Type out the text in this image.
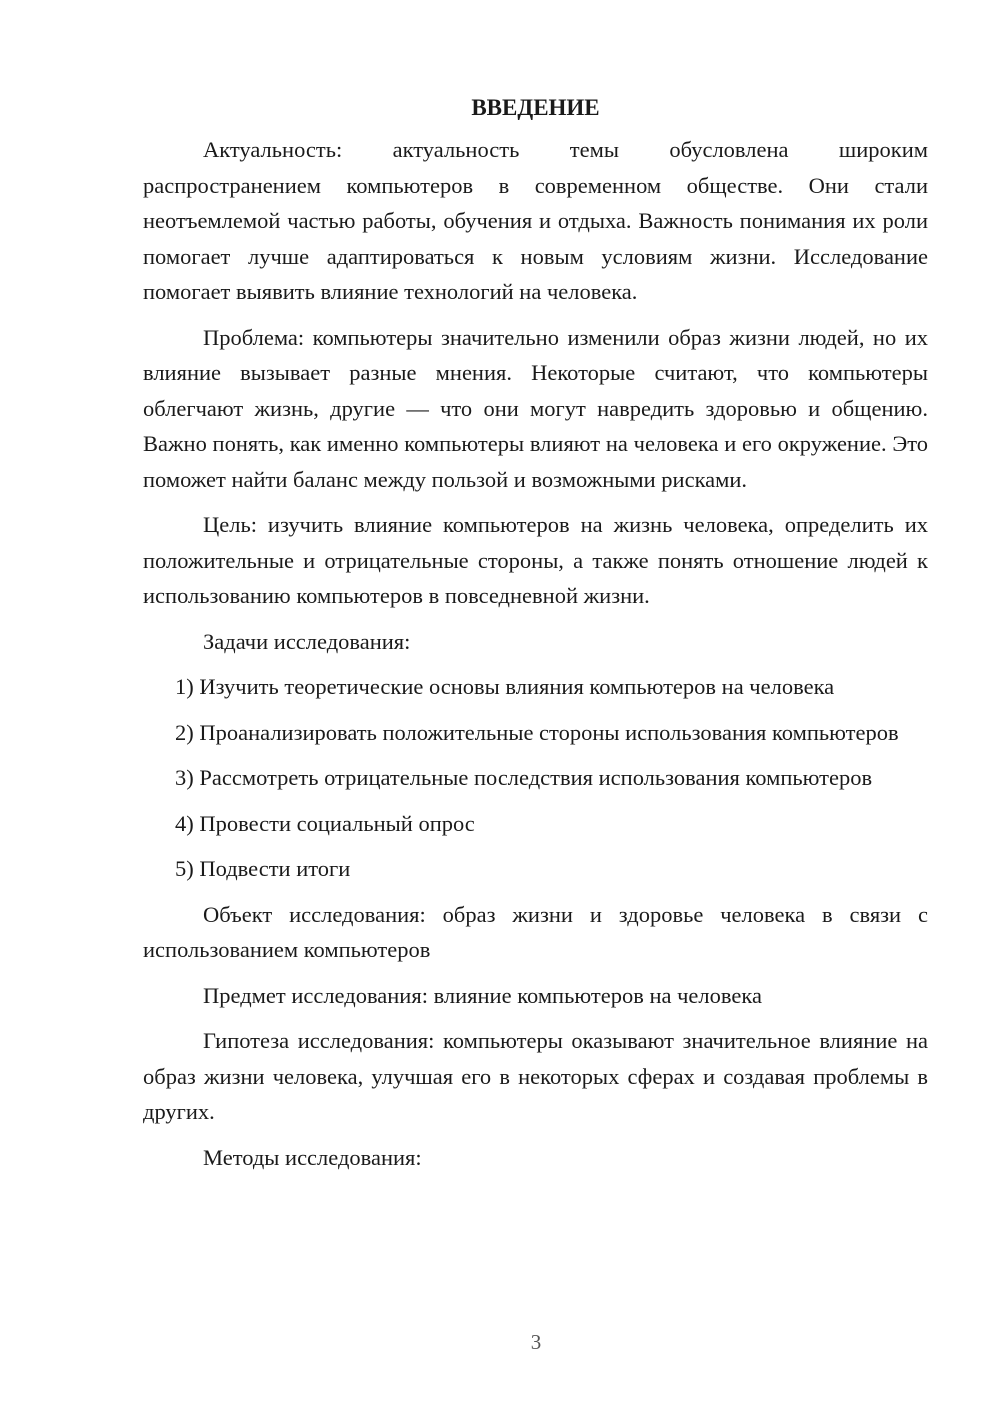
ВВЕДЕНИЕ

Актуальность: актуальность темы обусловлена широким распространением компьютеров в современном обществе. Они стали неотъемлемой частью работы, обучения и отдыха. Важность понимания их роли помогает лучше адаптироваться к новым условиям жизни. Исследование помогает выявить влияние технологий на человека.

Проблема: компьютеры значительно изменили образ жизни людей, но их влияние вызывает разные мнения. Некоторые считают, что компьютеры облегчают жизнь, другие — что они могут навредить здоровью и общению. Важно понять, как именно компьютеры влияют на человека и его окружение. Это поможет найти баланс между пользой и возможными рисками.

Цель: изучить влияние компьютеров на жизнь человека, определить их положительные и отрицательные стороны, а также понять отношение людей к использованию компьютеров в повседневной жизни.

Задачи исследования:

1) Изучить теоретические основы влияния компьютеров на человека

2) Проанализировать положительные стороны использования компьютеров

3) Рассмотреть отрицательные последствия использования компьютеров

4) Провести социальный опрос

5) Подвести итоги

Объект исследования: образ жизни и здоровье человека в связи с использованием компьютеров

Предмет исследования: влияние компьютеров на человека

Гипотеза исследования: компьютеры оказывают значительное влияние на образ жизни человека, улучшая его в некоторых сферах и создавая проблемы в других.

Методы исследования:

3
